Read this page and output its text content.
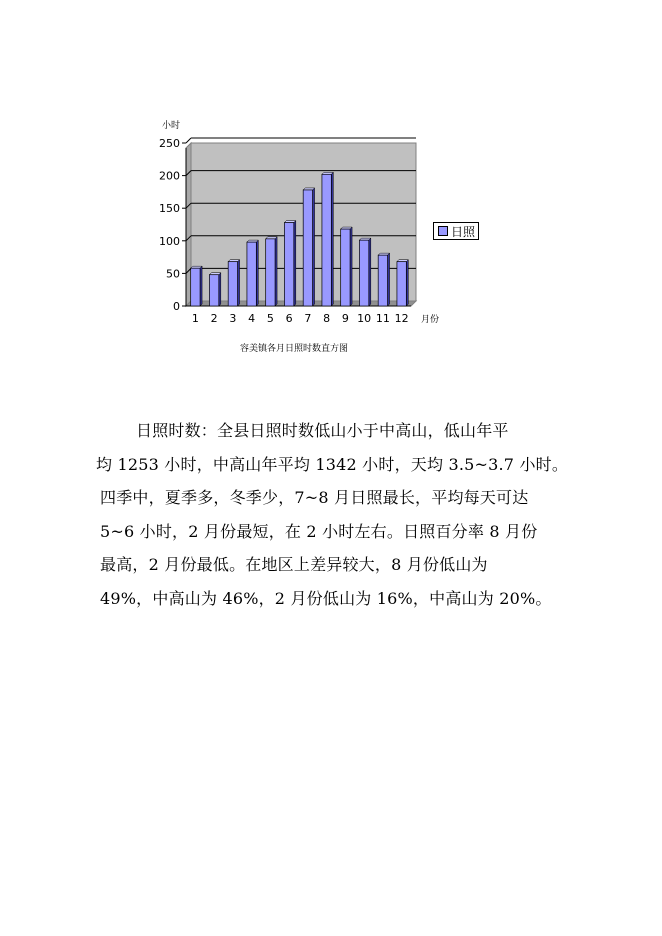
0
50
100
150
200
250
1 2 3 4 5 6 7 8 9 10 11 12
小时
月份
容美镇各月日照时数直方图
日照
日照时数：全县日照时数低山小于中高山，低山年平
均 1253 小时，中高山年平均 1342 小时，天均 3.5~3.7 小时。
四季中，夏季多，冬季少，7~8 月日照最长，平均每天可达
5~6 小时，2 月份最短，在 2 小时左右。日照百分率 8 月份
最高，2 月份最低。在地区上差异较大，8 月份低山为
49%，中高山为 46%，2 月份低山为 16%，中高山为 20%。
